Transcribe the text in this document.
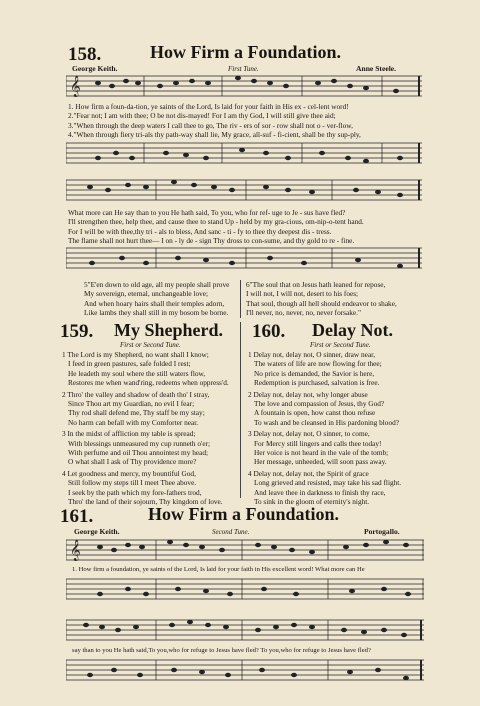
158.	How Firm a Foundation.
George Keith.	First Tune.	Anne Steele.
𝄞
1. How firm a foun-da-tion, ye saints of the Lord, Is laid for your faith in His ex - cel-lent word!
2."Fear not; I am with thee; O be not dis-mayed! For I am thy God, I will still give thee aid;
3."When through the deep waters I call thee to go, The riv - ers of sor - row shall not o - ver-flow,
4."When through fiery tri-als thy path-way shall lie, My grace, all-suf - fi-cient, shall be thy sup-ply,
What more can He say than to you He hath said, To you, who for ref- uge to Je - sus have fled?
I'll strengthen thee, help thee, and cause thee to stand Up - held by my gra-cious, om-nip-o-tent hand.
For I will be with thee,thy tri - als to bless, And sanc - ti - fy to thee thy deepest dis - tress.
The flame shall not hurt thee— I on - ly de - sign Thy dross to con-sume, and thy gold to re - fine.
5"E'en down to old age, all my people shall prove
My sovereign, eternal, unchangeable love;
And when hoary hairs shall their temples adorn,
Like lambs they shall still in my bosom be borne.
6"The soul that on Jesus hath leaned for repose,
I will not, I will not, desert to his foes;
That soul, though all hell should endeavor to shake,
I'll never, no, never, no, never forsake."
159. My Shepherd.
First or Second Tune.
160. Delay Not.
First or Second Tune.
1 The Lord is my Shepherd, no want shall I know;
I feed in green pastures, safe folded I rest;
He leadeth my soul where the still waters flow,
Restores me when wand'ring, redeems when oppress'd.
2 Thro' the valley and shadow of death tho' I stray,
Since Thou art my Guardian, no evil I fear;
Thy rod shall defend me, Thy staff be my stay;
No harm can befall with my Comforter near.
3 In the midst of affliction my table is spread;
With blessings unmeasured my cup runneth o'er;
With perfume and oil Thou annointest my head;
O what shall I ask of Thy providence more?
4 Let goodness and mercy, my bountiful God,
Still follow my steps till I meet Thee above.
I seek by the path which my fore-fathers trod,
Thro' the land of their sojourn, Thy kingdom of love.
1 Delay not, delay not, O sinner, draw near,
The waters of life are now flowing for thee;
No price is demanded, the Savior is here,
Redemption is purchased, salvation is free.
2 Delay not, delay not, why longer abuse
The love and compassion of Jesus, thy God?
A fountain is open, how canst thou refuse
To wash and be cleansed in His pardoning blood?
3 Delay not, delay not, O sinner, to come,
For Mercy still lingers and calls thee today!
Her voice is not heard in the vale of the tomb;
Her message, unheeded, will soon pass away.
4 Delay not, delay not, the Spirit of grace
Long grieved and resisted, may take his sad flight.
And leave thee in darkness to finish thy race,
To sink in the gloom of eternity's night.
161.	How Firm a Foundation.
George Keith.	Second Tune.	Portogallo.
𝄞
1. How firm a foundation, ye saints of the Lord, Is laid for your faith in His excellent word! What more can He
say than to you He hath said,To you,who for refuge to Jesus have fled? To you,who for refuge to Jesus have fled?
